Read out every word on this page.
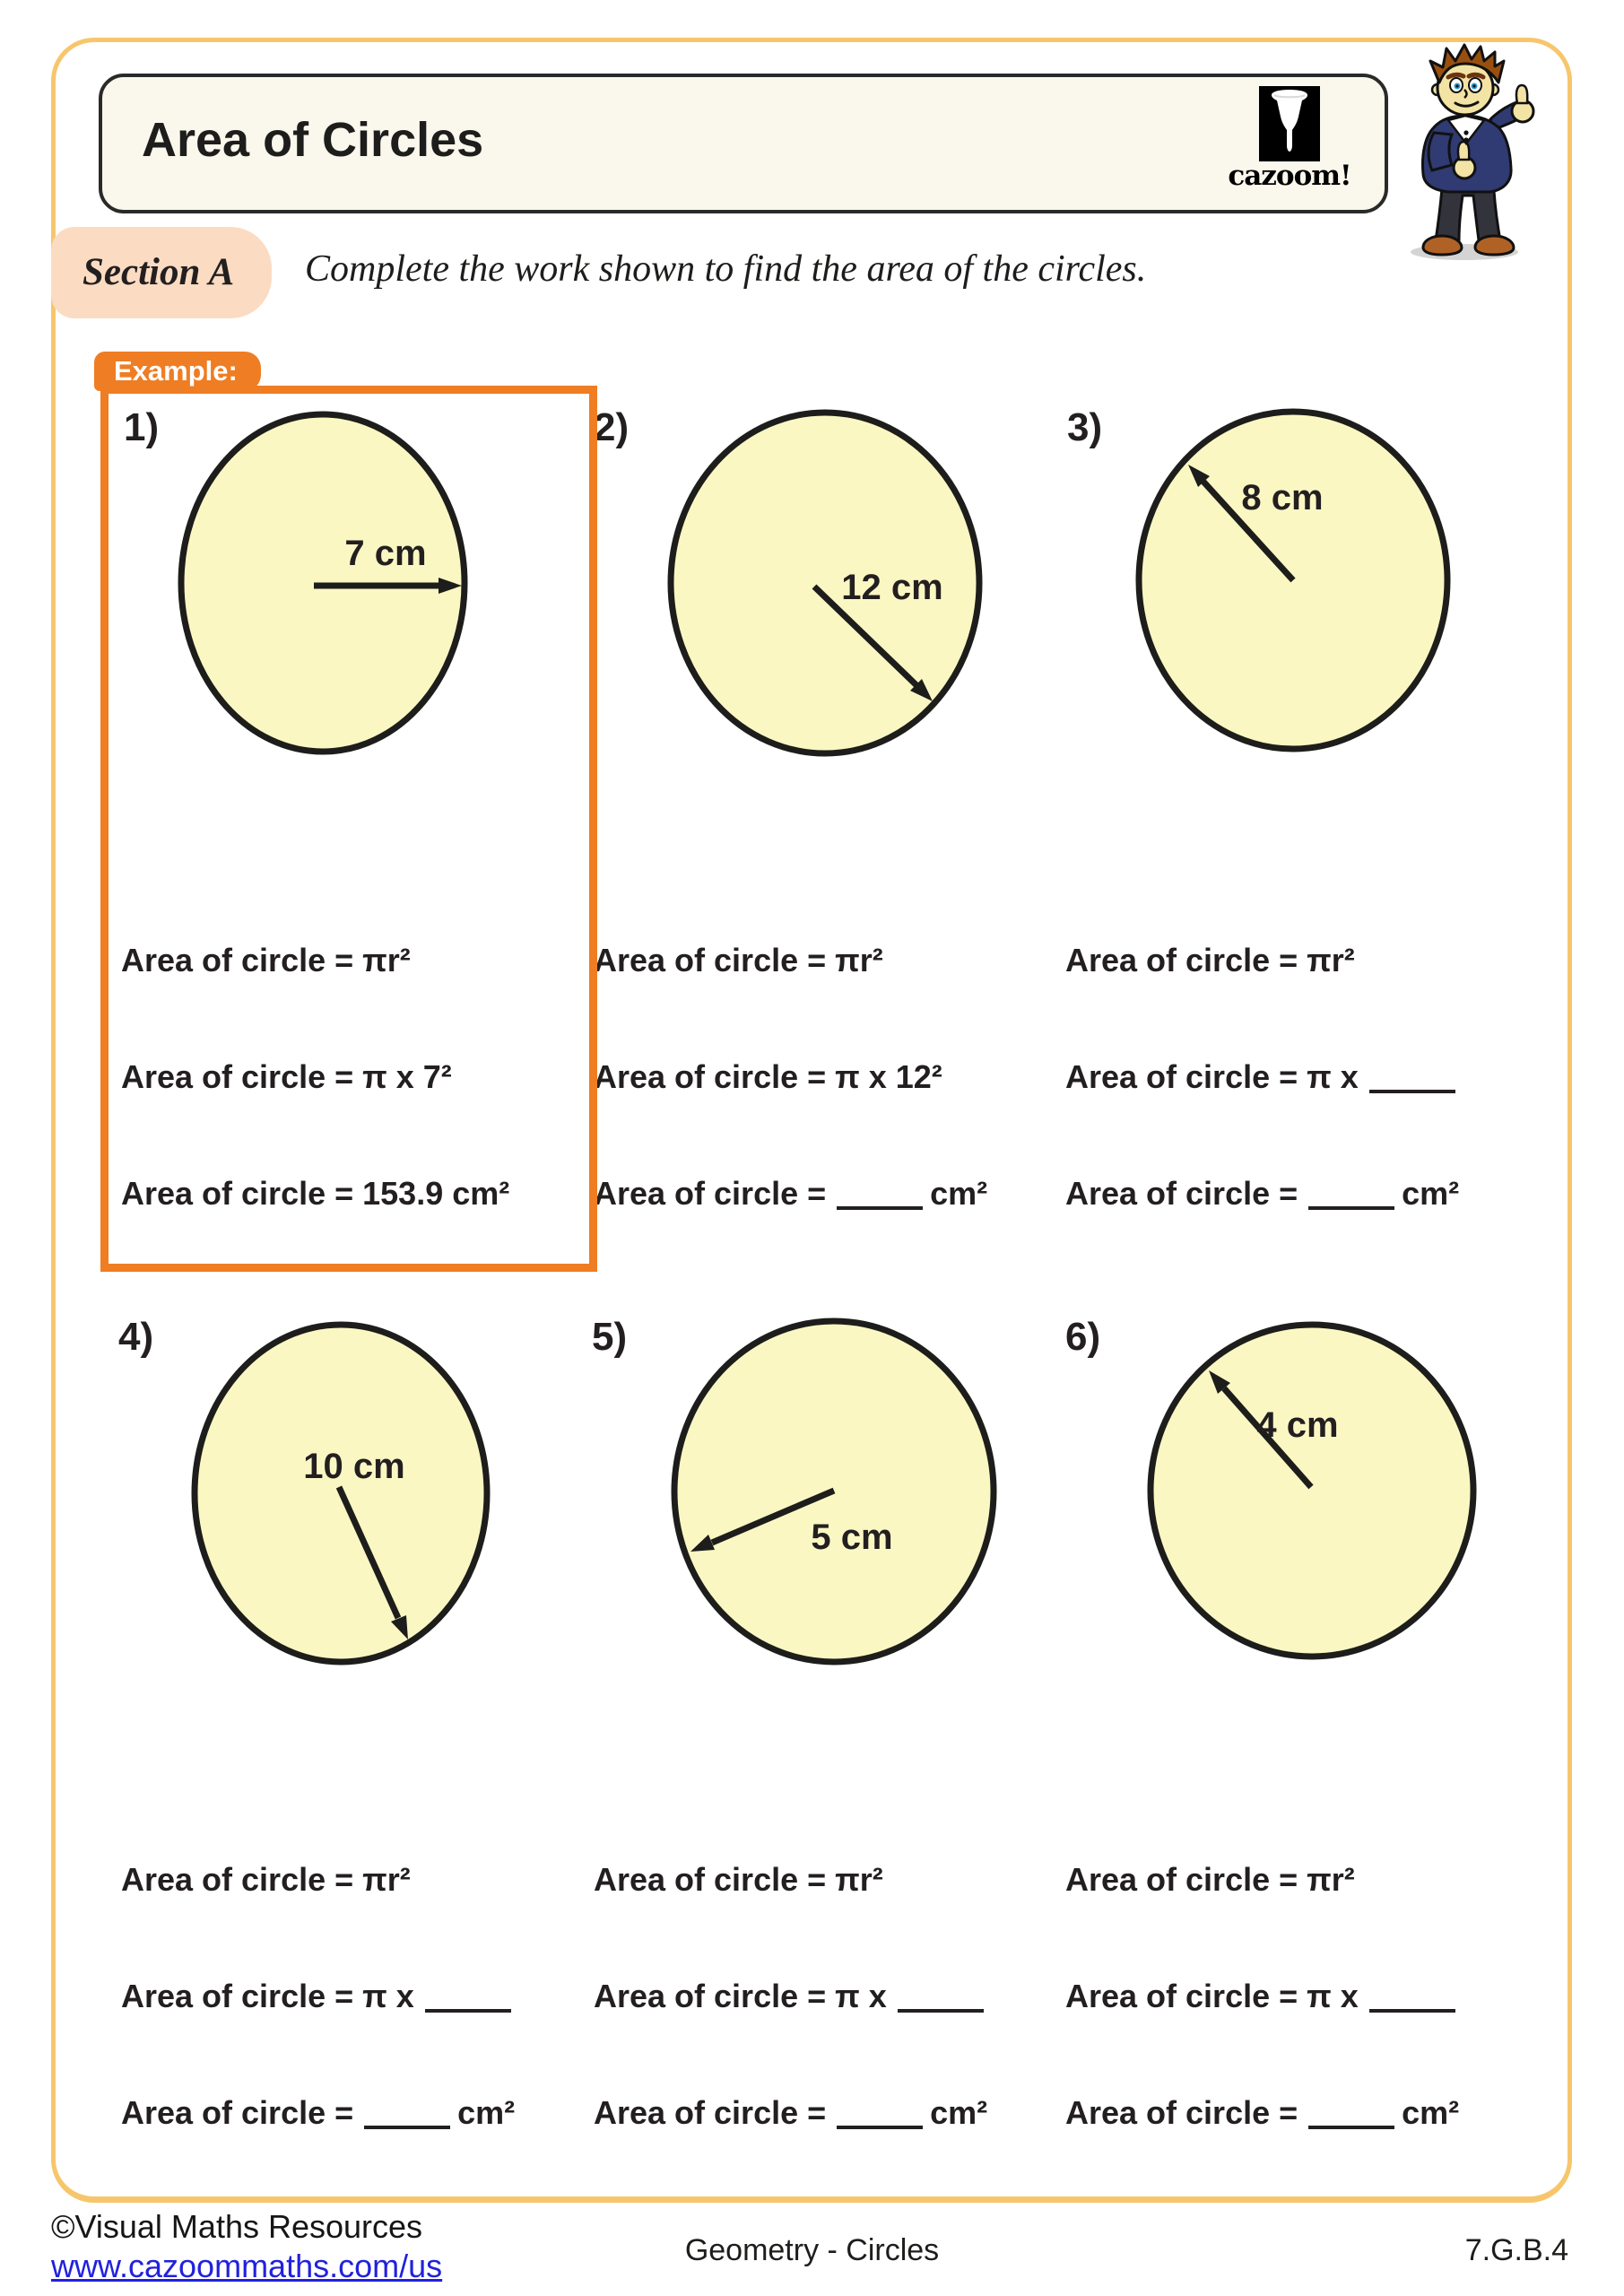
Area of Circles
cazoom!
Section A Complete the work shown to find the area of the circles.
Example:
1)	2)	3)
4)	5)	6)
7 cm
12 cm
8 cm
10 cm
5 cm
4 cm
Area of circle = πr²
Area of circle = π x 7²
Area of circle = 153.9 cm²
Area of circle = πr²
Area of circle = π x 12²
Area of circle =	cm²
Area of circle = πr²
Area of circle = π x
Area of circle =	cm²
Area of circle = πr²
Area of circle = π x
Area of circle =	cm²
Area of circle = πr²
Area of circle = π x
Area of circle =	cm²
Area of circle = πr²
Area of circle = π x
Area of circle =	cm²
©Visual Maths Resources
www.cazoommaths.com/us	Geometry - Circles	7.G.B.4
